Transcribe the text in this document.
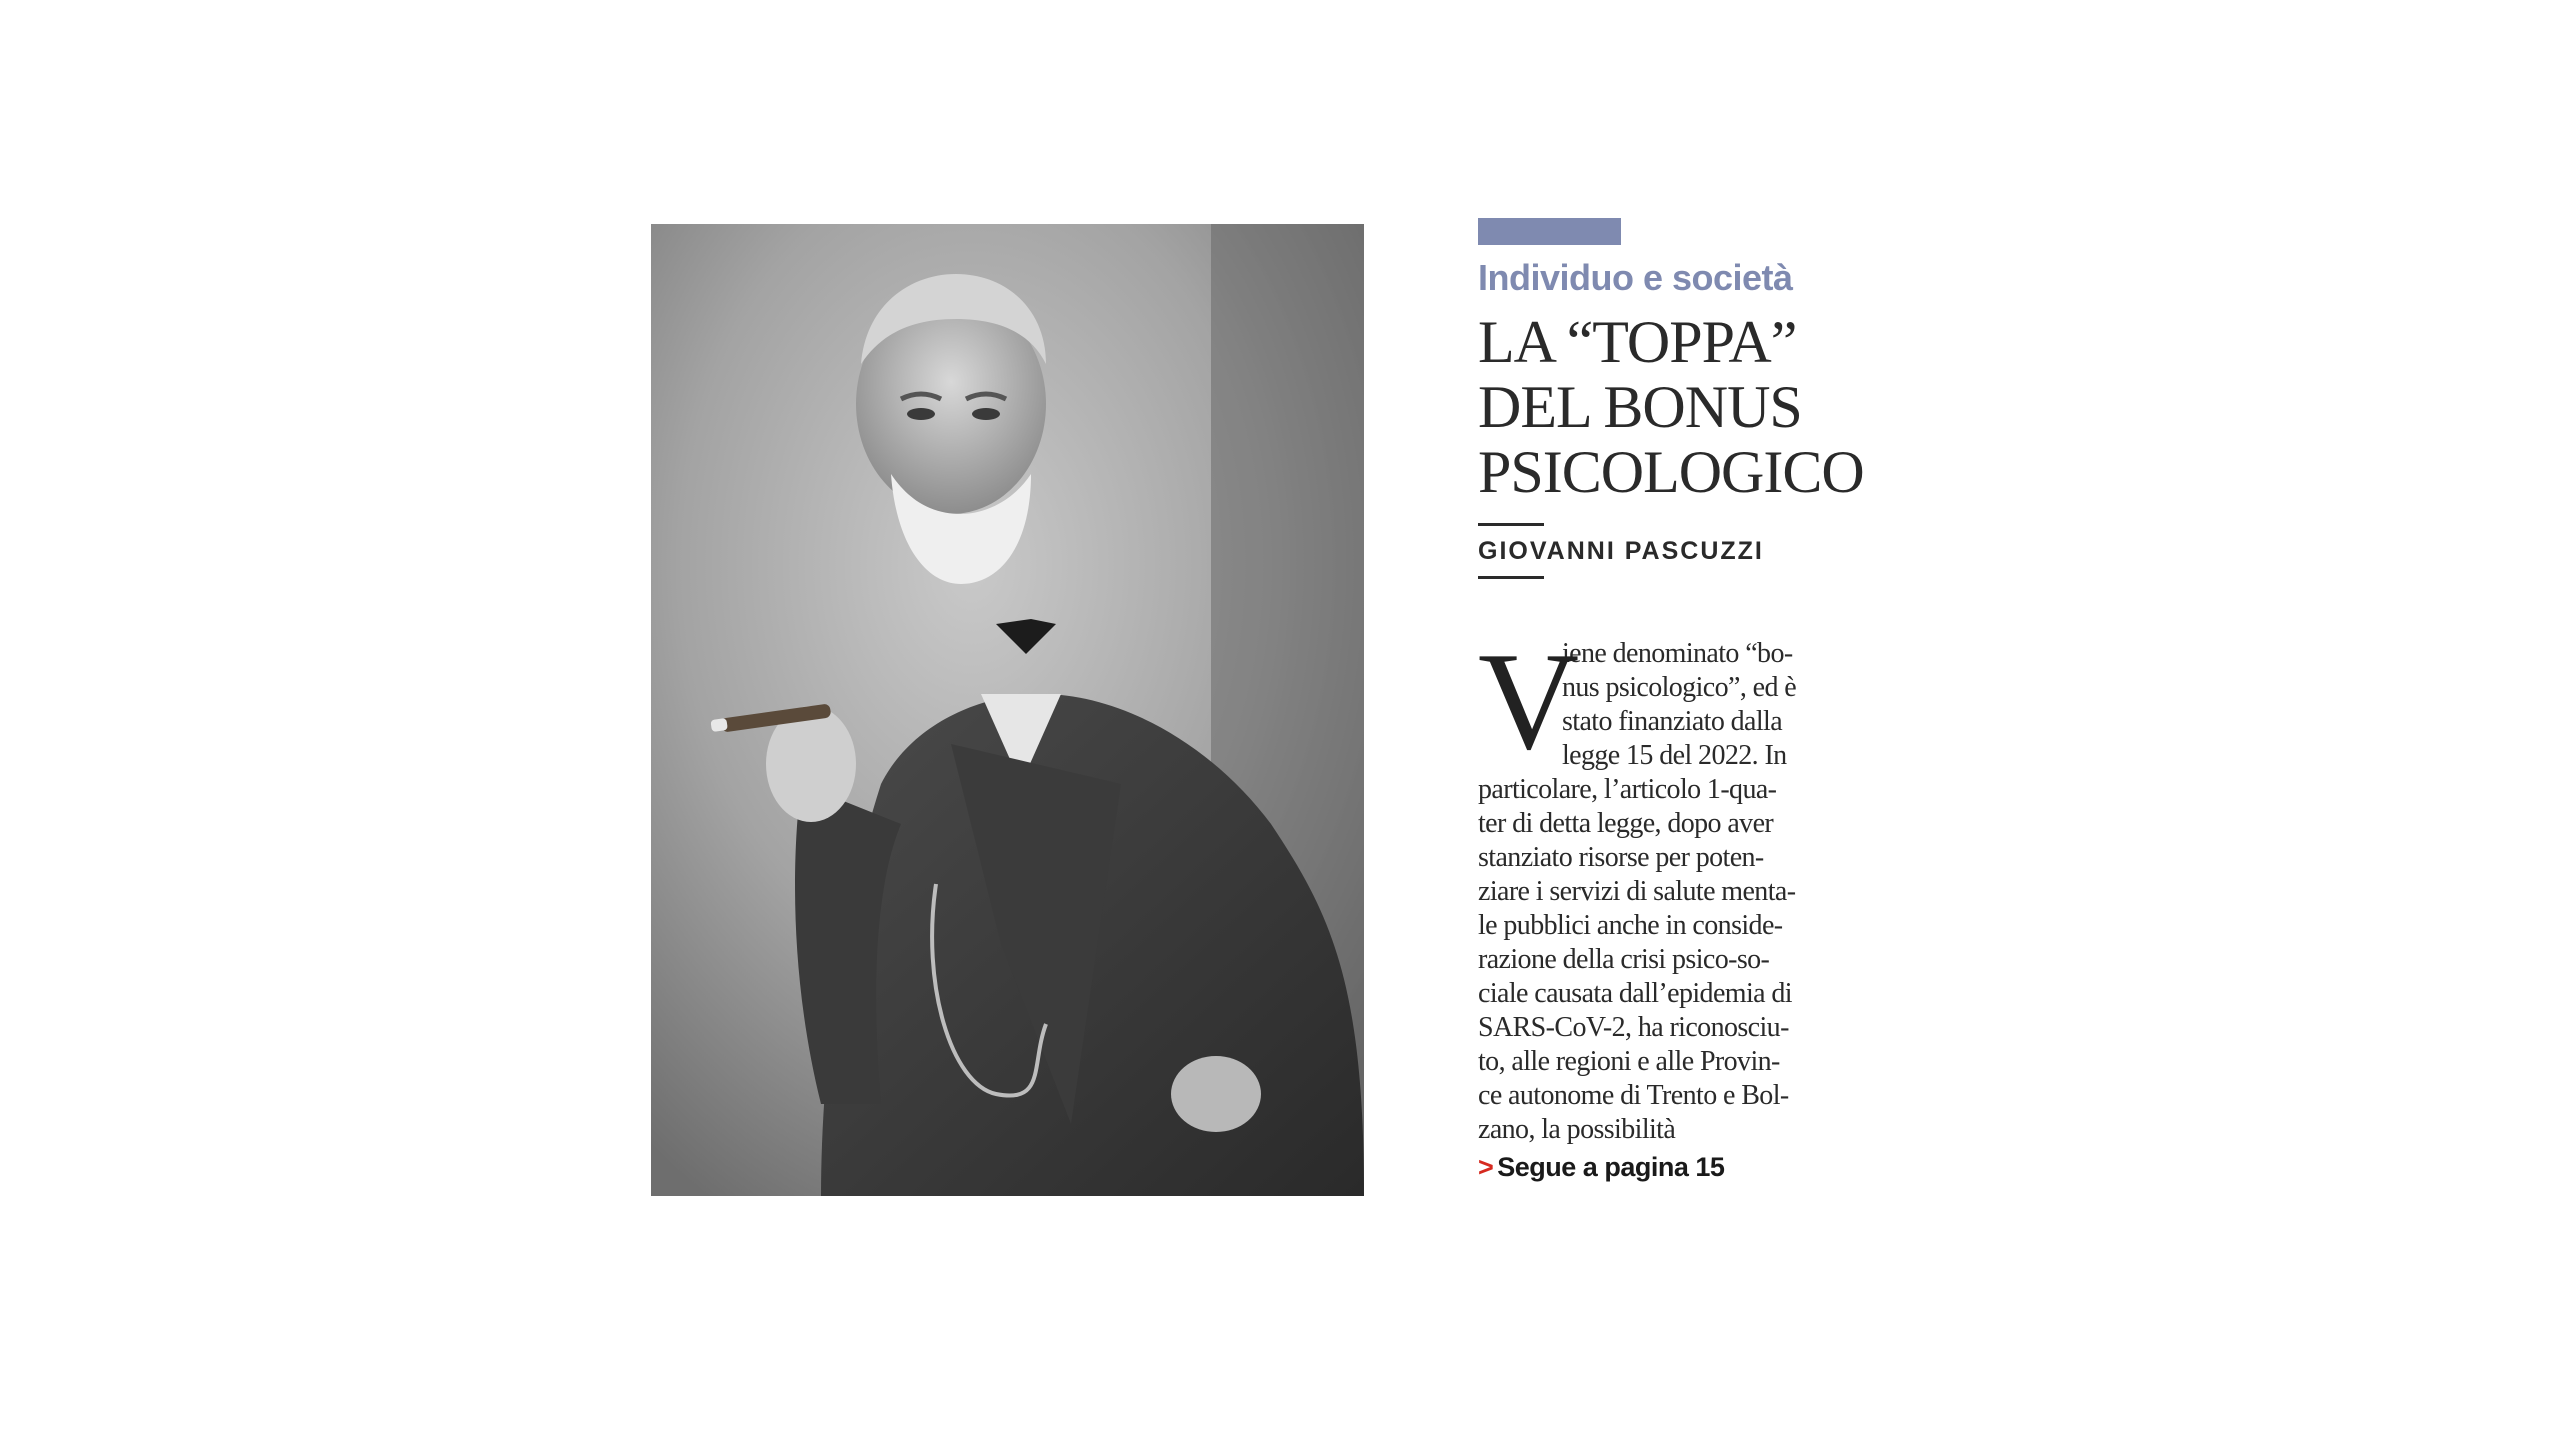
Individuo e società
LA “TOPPA”
DEL BONUS
PSICOLOGICO
GIOVANNI PASCUZZI
V
iene denominato “bo-
nus psicologico”, ed è
stato finanziato dalla
legge 15 del 2022. In
particolare, l’articolo 1-qua-
ter di detta legge, dopo aver
stanziato risorse per poten-
ziare i servizi di salute menta-
le pubblici anche in conside-
razione della crisi psico-so-
ciale causata dall’epidemia di
SARS-CoV-2, ha riconosciu-
to, alle regioni e alle Provin-
ce autonome di Trento e Bol-
zano, la possibilità
> Segue a pagina 15
